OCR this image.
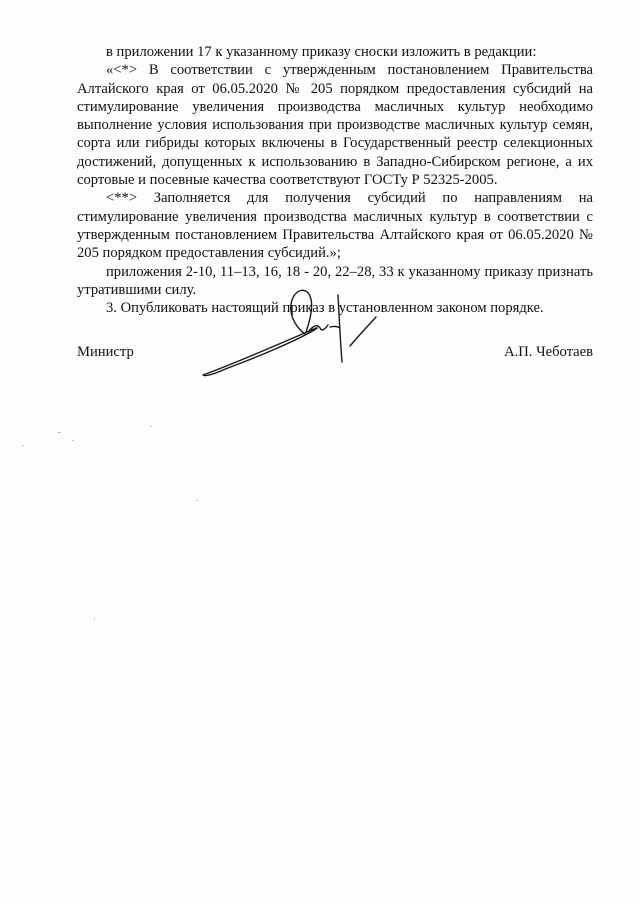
в приложении 17 к указанному приказу сноски изложить в редакции:

«<*> В соответствии с утвержденным постановлением Правительства Алтайского края от 06.05.2020 № 205 порядком предоставления субсидий на стимулирование увеличения производства масличных культур необходимо выполнение условия использования при производстве масличных культур семян, сорта или гибриды которых включены в Государственный реестр селекционных достижений, допущенных к использованию в Западно-Сибирском регионе, а их сортовые и посевные качества соответствуют ГОСТу Р 52325-2005.

<**> Заполняется для получения субсидий по направлениям на стимулирование увеличения производства масличных культур в соответствии с утвержденным постановлением Правительства Алтайского края от 06.05.2020 № 205 порядком предоставления субсидий.»;

приложения 2-10, 11–13, 16, 18 - 20, 22–28, 33 к указанному приказу признать утратившими силу.

3. Опубликовать настоящий приказ в установленном законом порядке.

Министр	А.П. Чеботаев
